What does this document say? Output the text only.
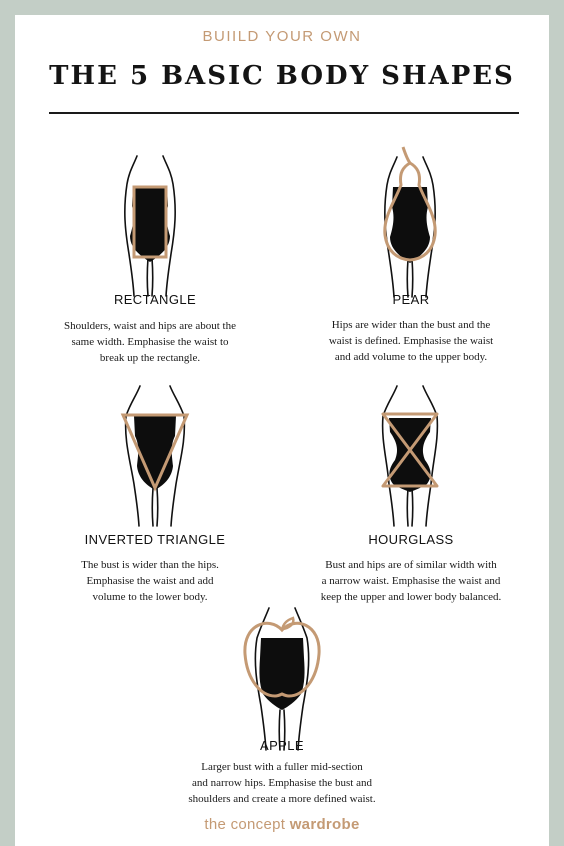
BUIILD YOUR OWN
THE 5 BASIC BODY SHAPES
RECTANGLE
Shoulders, waist and hips are about the
same width. Emphasise the waist to
break up the rectangle.
PEAR
Hips are wider than the bust and the
waist is defined. Emphasise the waist
and add volume to the upper body.
INVERTED TRIANGLE
The bust is wider than the hips.
Emphasise the waist and add
volume to the lower body.
HOURGLASS
Bust and hips are of similar width with
a narrow waist. Emphasise the waist and
keep the upper and lower body balanced.
APPLE
Larger bust with a fuller mid-section
and narrow hips. Emphasise the bust and
shoulders and create a more defined waist.
the concept wardrobe
